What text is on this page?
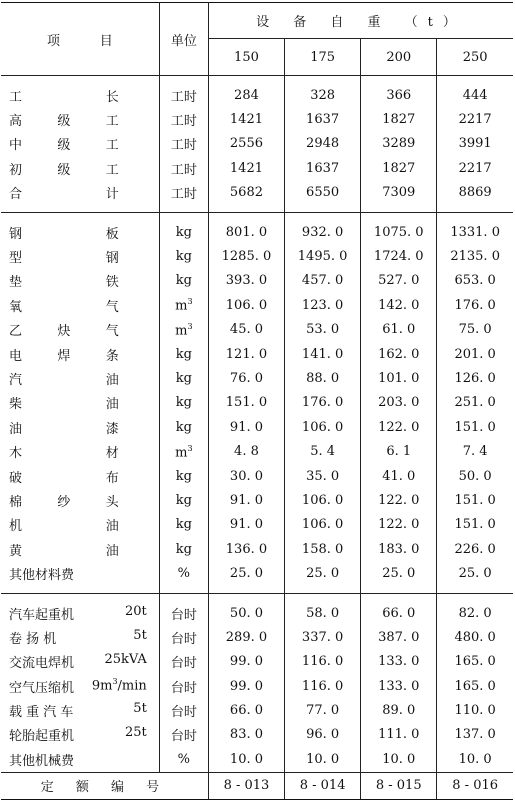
项 目	单位	设 备 自 重 （t）			
		150	175	200	250

工 长	工时	284	328	366	444

高 级 工	工时	1421	1637	1827	2217

中 级 工	工时	2556	2948	3289	3991

初 级 工	工时	1421	1637	1827	2217

合 计	工时	5682	6550	7309	8869

钢 板	kg	801. 0	932. 0	1075. 0	1331. 0

型 钢	kg	1285. 0	1495. 0	1724. 0	2135. 0

垫 铁	kg	393. 0	457. 0	527. 0	653. 0

氧 气	$m^3$	106. 0	123. 0	142. 0	176. 0

乙 炔 气	$m^3$	45. 0	53. 0	61. 0	75. 0

电 焊 条	kg	121. 0	141. 0	162. 0	201. 0

汽 油	kg	76. 0	88. 0	101. 0	126. 0

柴 油	kg	151. 0	176. 0	203. 0	251. 0

油 漆	kg	91. 0	106. 0	122. 0	151. 0

木 材	$m^3$	4. 8	5. 4	6. 1	7. 4

破 布	kg	30. 0	35. 0	41. 0	50. 0

棉 纱 头	kg	91. 0	106. 0	122. 0	151. 0

机 油	kg	91. 0	106. 0	122. 0	151. 0

黄 油	kg	136. 0	158. 0	183. 0	226. 0

其他材料费	%	25. 0	25. 0	25. 0	25. 0

汽车起重机 20t	台时	50. 0	58. 0	66. 0	82. 0

卷 扬 机 5t	台时	289. 0	337. 0	387. 0	480. 0

交流电焊机 25kVA	台时	99. 0	116. 0	133. 0	165. 0

空气压缩机 $9m^3/\min$	台时	99. 0	116. 0	133. 0	165. 0

载 重 汽 车 5t	台时	66. 0	77. 0	89. 0	110. 0

轮胎起重机 25t	台时	83. 0	96. 0	111. 0	137. 0

其他机械费	%	10. 0	10. 0	10. 0	10. 0
定 额 编 号		8 - 013	8 - 014	8 - 015	8 - 016
